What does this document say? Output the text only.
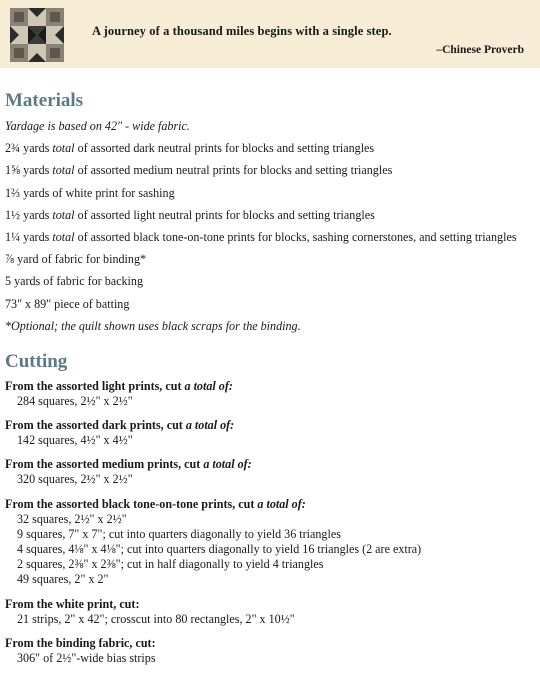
A journey of a thousand miles begins with a single step.
–Chinese Proverb
Materials

Yardage is based on 42" - wide fabric.

2¾ yards total of assorted dark neutral prints for blocks and setting triangles

1⅝ yards total of assorted medium neutral prints for blocks and setting triangles

1⅔ yards of white print for sashing

1½ yards total of assorted light neutral prints for blocks and setting triangles

1¼ yards total of assorted black tone-on-tone prints for blocks, sashing cornerstones, and setting triangles

⅞ yard of fabric for binding*

5 yards of fabric for backing

73" x 89" piece of batting

*Optional; the quilt shown uses black scraps for the binding.

Cutting
From the assorted light prints, cut a total of:
284 squares, 2½" x 2½"
From the assorted dark prints, cut a total of:
142 squares, 4½" x 4½"
From the assorted medium prints, cut a total of:
320 squares, 2½" x 2½"
From the assorted black tone-on-tone prints, cut a total of:
32 squares, 2½" x 2½"
9 squares, 7" x 7"; cut into quarters diagonally to yield 36 triangles
4 squares, 4⅛" x 4⅛"; cut into quarters diagonally to yield 16 triangles (2 are extra)
2 squares, 2⅜" x 2⅜"; cut in half diagonally to yield 4 triangles
49 squares, 2" x 2"
From the white print, cut:
21 strips, 2" x 42"; crosscut into 80 rectangles, 2" x 10½"
From the binding fabric, cut:
306" of 2½"-wide bias strips
